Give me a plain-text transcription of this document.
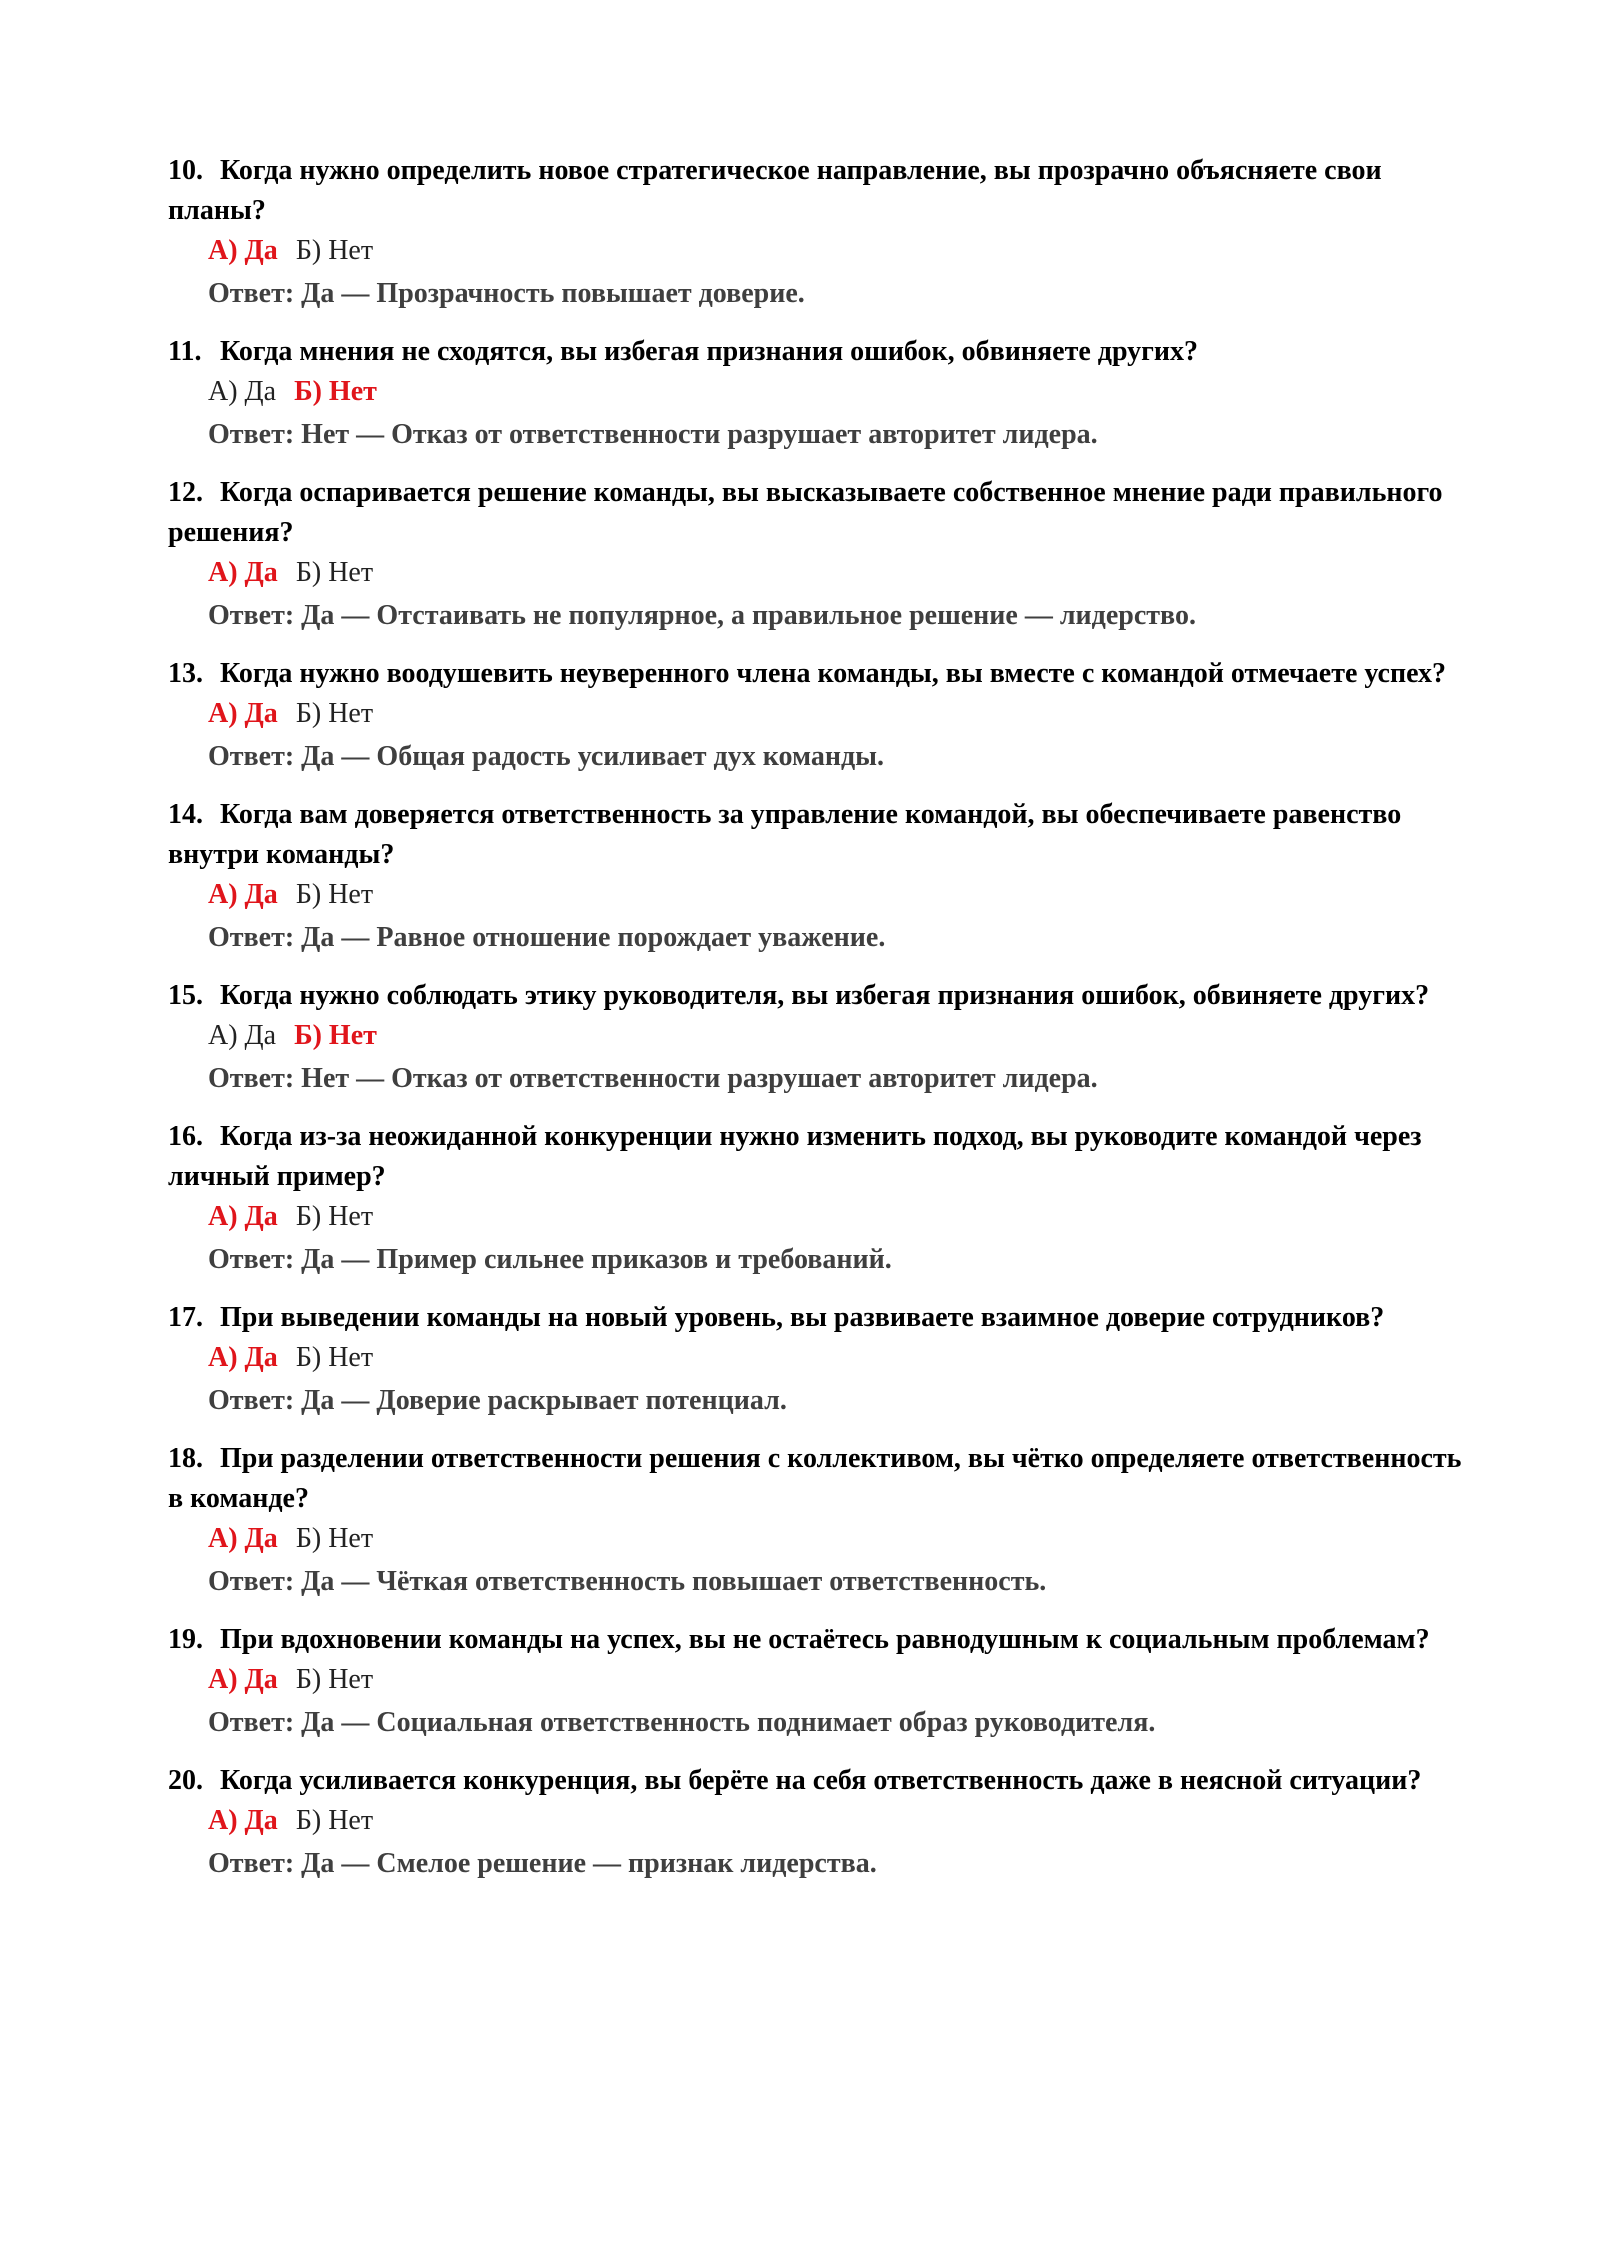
10. Когда нужно определить новое стратегическое направление, вы прозрачно объясняете свои планы?
А) Да Б) Нет
Ответ: Да — Прозрачность повышает доверие.
11. Когда мнения не сходятся, вы избегая признания ошибок, обвиняете других?
А) Да Б) Нет
Ответ: Нет — Отказ от ответственности разрушает авторитет лидера.
12. Когда оспаривается решение команды, вы высказываете собственное мнение ради правильного решения?
А) Да Б) Нет
Ответ: Да — Отстаивать не популярное, а правильное решение — лидерство.
13. Когда нужно воодушевить неуверенного члена команды, вы вместе с командой отмечаете успех?
А) Да Б) Нет
Ответ: Да — Общая радость усиливает дух команды.
14. Когда вам доверяется ответственность за управление командой, вы обеспечиваете равенство внутри команды?
А) Да Б) Нет
Ответ: Да — Равное отношение порождает уважение.
15. Когда нужно соблюдать этику руководителя, вы избегая признания ошибок, обвиняете других?
А) Да Б) Нет
Ответ: Нет — Отказ от ответственности разрушает авторитет лидера.
16. Когда из-за неожиданной конкуренции нужно изменить подход, вы руководите командой через личный пример?
А) Да Б) Нет
Ответ: Да — Пример сильнее приказов и требований.
17. При выведении команды на новый уровень, вы развиваете взаимное доверие сотрудников?
А) Да Б) Нет
Ответ: Да — Доверие раскрывает потенциал.
18. При разделении ответственности решения с коллективом, вы чётко определяете ответственность в команде?
А) Да Б) Нет
Ответ: Да — Чёткая ответственность повышает ответственность.
19. При вдохновении команды на успех, вы не остаётесь равнодушным к социальным проблемам?
А) Да Б) Нет
Ответ: Да — Социальная ответственность поднимает образ руководителя.
20. Когда усиливается конкуренция, вы берёте на себя ответственность даже в неясной ситуации?
А) Да Б) Нет
Ответ: Да — Смелое решение — признак лидерства.
